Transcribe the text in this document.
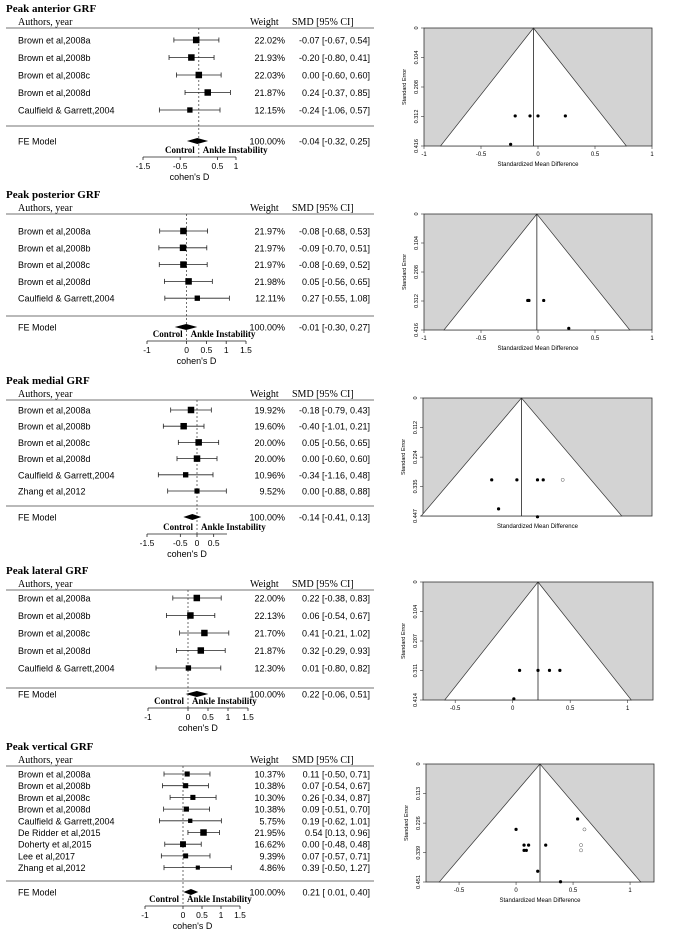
Peak anterior GRF
Authors, year	Weight SMD [95% CI]
Brown et al,2008a	22.02% -0.07 [-0.67, 0.54]
Brown et al,2008b	21.93% -0.20 [-0.80, 0.41]
Brown et al,2008c	22.03% 0.00 [-0.60, 0.60]
Brown et al,2008d	21.87% 0.24 [-0.37, 0.85]
Caulfield & Garrett,2004	12.15% -0.24 [-1.06, 0.57]
FE Model	100.00% -0.04 [-0.32, 0.25]
Control Ankle Instability
-1.5	-0.5	0.5 1
cohen's D
0
0.104
0.208
0.312
0.416
Standard Error
-1	-0.5	0	0.5	1
Standardized Mean Difference
Peak posterior GRF
Authors, year	Weight SMD [95% CI]
Brown et al,2008a	21.97% -0.08 [-0.68, 0.53]
Brown et al,2008b	21.97% -0.09 [-0.70, 0.51]
Brown et al,2008c	21.97% -0.08 [-0.69, 0.52]
Brown et al,2008d	21.98% 0.05 [-0.56, 0.65]
Caulfield & Garrett,2004	12.11% 0.27 [-0.55, 1.08]
FE Model	100.00% -0.01 [-0.30, 0.27]
Control Ankle Instability
-1	0 0.5 1 1.5
cohen's D
0
0.104
0.208
0.312
0.416
Standard Error
-1	-0.5	0	0.5	1
Standardized Mean Difference
Peak medial GRF
Authors, year	Weight SMD [95% CI]
Brown et al,2008a	19.92% -0.18 [-0.79, 0.43]
Brown et al,2008b	19.60% -0.40 [-1.01, 0.21]
Brown et al,2008c	20.00% 0.05 [-0.56, 0.65]
Brown et al,2008d	20.00% 0.00 [-0.60, 0.60]
Caulfield & Garrett,2004	10.96% -0.34 [-1.16, 0.48]
Zhang et al,2012	9.52% 0.00 [-0.88, 0.88]
FE Model	100.00% -0.14 [-0.41, 0.13]
Control Ankle Instability
-1.5 -0.5 0 0.5
cohen's D
0
0.112
0.224
0.335
0.447
Standard Error
Standardized Mean Difference
Peak lateral GRF
Authors, year	Weight SMD [95% CI]
Brown et al,2008a	22.00% 0.22 [-0.38, 0.83]
Brown et al,2008b	22.13% 0.06 [-0.54, 0.67]
Brown et al,2008c	21.70% 0.41 [-0.21, 1.02]
Brown et al,2008d	21.87% 0.32 [-0.29, 0.93]
Caulfield & Garrett,2004	12.30% 0.01 [-0.80, 0.82]
FE Model	100.00% 0.22 [-0.06, 0.51]
Control Ankle Instability
-1	0 0.5 1 1.5
cohen's D
0
0.104
0.207
0.311
0.414
Standard Error
-0.5	0	0.5	1
Peak vertical GRF
Authors, year	Weight SMD [95% CI]
Brown et al,2008a	10.37% 0.11 [-0.50, 0.71]
Brown et al,2008b	10.38% 0.07 [-0.54, 0.67]
Brown et al,2008c	10.30% 0.26 [-0.34, 0.87]
Brown et al,2008d	10.38% 0.09 [-0.51, 0.70]
Caulfield & Garrett,2004	5.75% 0.19 [-0.62, 1.01]
De Ridder et al,2015	21.95% 0.54 [0.13, 0.96]
Doherty et al,2015	16.62% 0.00 [-0.48, 0.48]
Lee et al,2017	9.39% 0.07 [-0.57, 0.71]
Zhang et al,2012	4.86% 0.39 [-0.50, 1.27]
FE Model	100.00% 0.21 [ 0.01, 0.40]
Control Ankle Instability
-1	0 0.5 1 1.5
cohen's D
0
0.113
0.226
0.339
0.451
Standard Error
-0.5	0	0.5	1
Standardized Mean Difference
